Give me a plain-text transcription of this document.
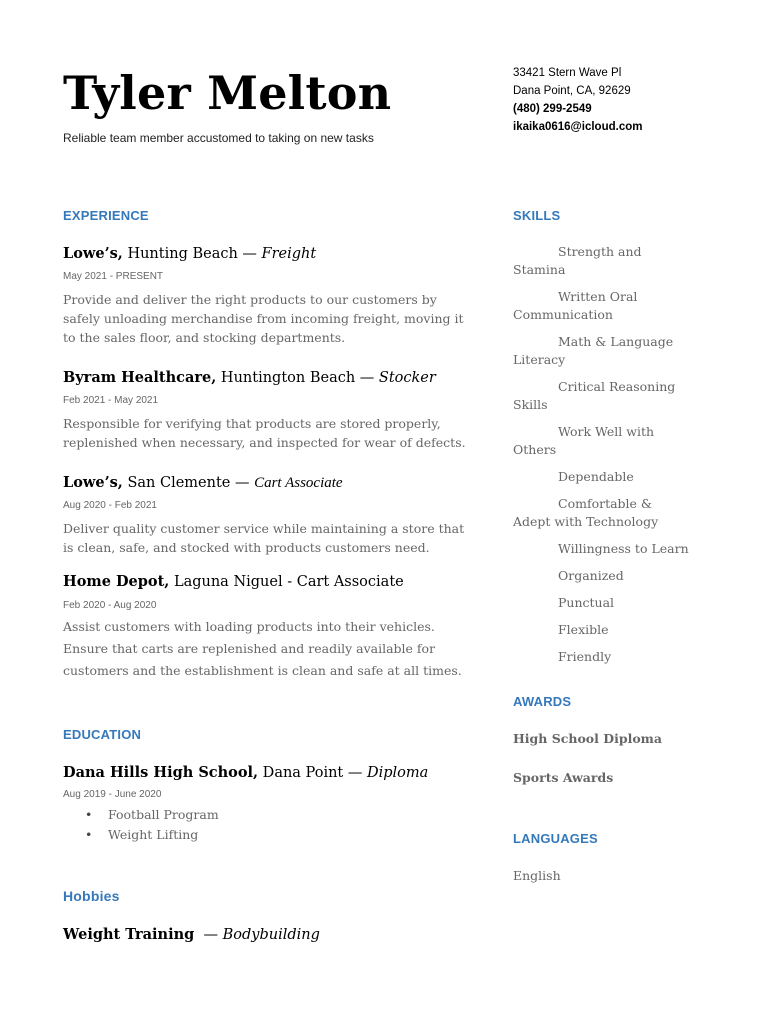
Tyler Melton
Reliable team member accustomed to taking on new tasks
33421 Stern Wave Pl
Dana Point, CA, 92629
(480) 299-2549
ikaika0616@icloud.com
EXPERIENCE
Lowe’s, Hunting Beach — Freight
May 2021 - PRESENT
Provide and deliver the right products to our customers by safely unloading merchandise from incoming freight, moving it to the sales floor, and stocking departments.
Byram Healthcare, Huntington Beach — Stocker
Feb 2021 - May 2021
Responsible for verifying that products are stored properly, replenished when necessary, and inspected for wear of defects.
Lowe’s, San Clemente — Cart Associate
Aug 2020 - Feb 2021
Deliver quality customer service while maintaining a store that is clean, safe, and stocked with products customers need.
Home Depot, Laguna Niguel - Cart Associate
Feb 2020 - Aug 2020
Assist customers with loading products into their vehicles. Ensure that carts are replenished and readily available for customers and the establishment is clean and safe at all times.
EDUCATION
Dana Hills High School, Dana Point — Diploma
Aug 2019 - June 2020
• Football Program
• Weight Lifting
Hobbies
Weight Training  — Bodybuilding
SKILLS
Strength and Stamina
Written Oral Communication
Math & Language Literacy
Critical Reasoning Skills
Work Well with Others
Dependable
Comfortable & Adept with Technology
Willingness to Learn
Organized
Punctual
Flexible
Friendly
AWARDS
High School Diploma
Sports Awards
LANGUAGES
English
